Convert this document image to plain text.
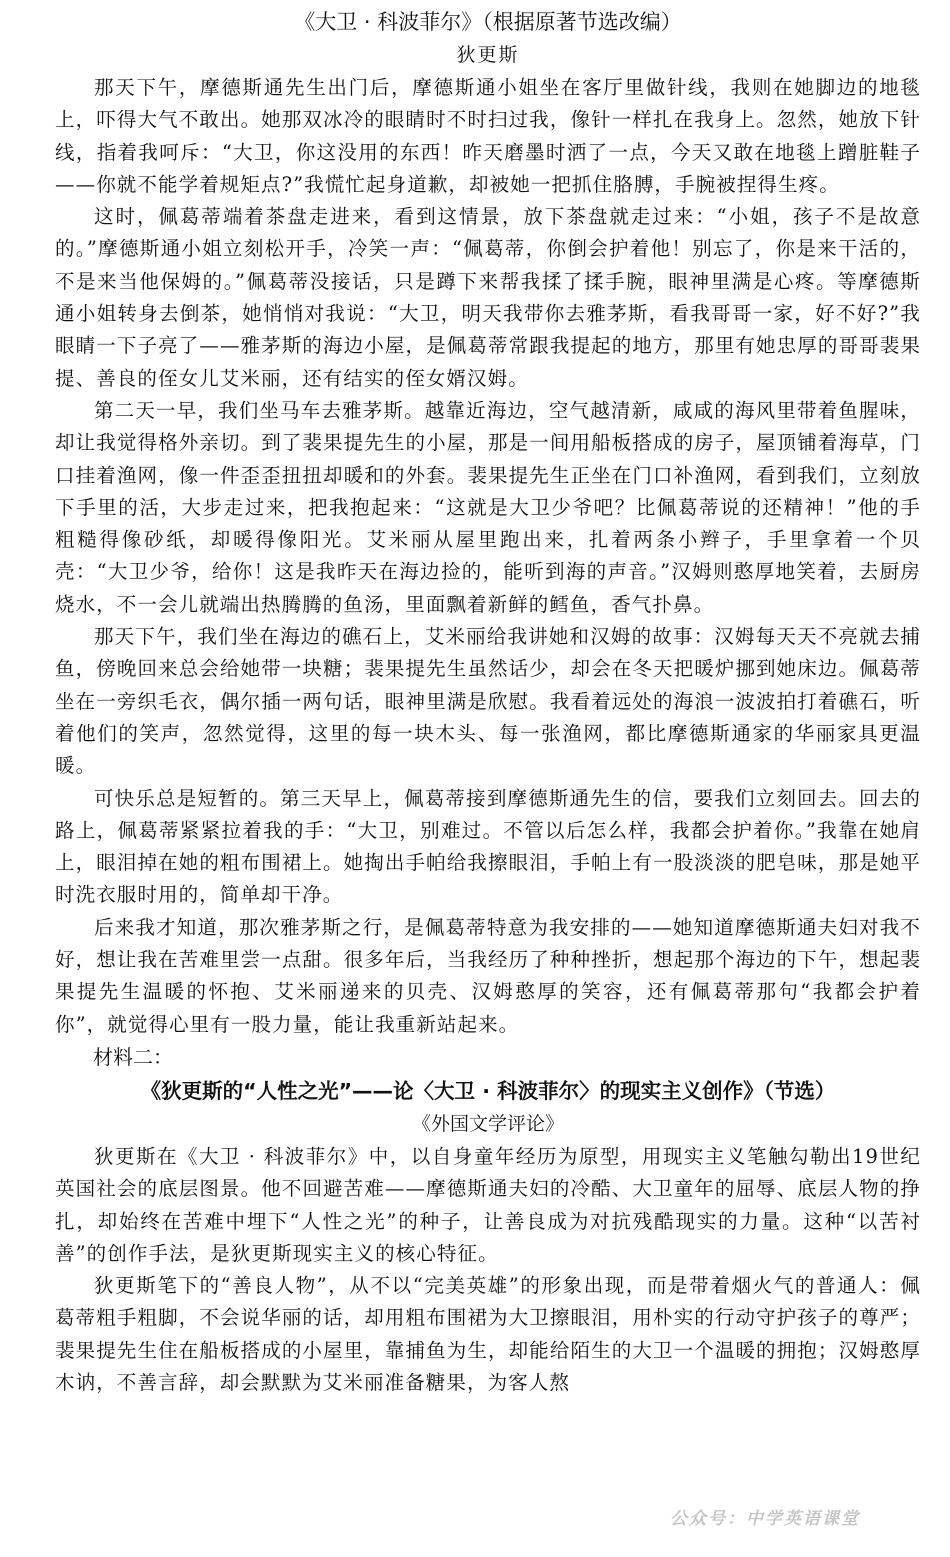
《大卫 · 科波菲尔》（根据原著节选改编）

狄更斯

那天下午，摩德斯通先生出门后，摩德斯通小姐坐在客厅里做针线，我则在她脚边的地毯上，吓得大气不敢出。她那双冰冷的眼睛时不时扫过我，像针一样扎在我身上。忽然，她放下针线，指着我呵斥：“大卫，你这没用的东西！昨天磨墨时洒了一点，今天又敢在地毯上蹭脏鞋子——你就不能学着规矩点?”我慌忙起身道歉，却被她一把抓住胳膊，手腕被捏得生疼。

这时，佩葛蒂端着茶盘走进来，看到这情景，放下茶盘就走过来：“小姐，孩子不是故意的。”摩德斯通小姐立刻松开手，冷笑一声：“佩葛蒂，你倒会护着他！别忘了，你是来干活的，不是来当他保姆的。”佩葛蒂没接话，只是蹲下来帮我揉了揉手腕，眼神里满是心疼。等摩德斯通小姐转身去倒茶，她悄悄对我说：“大卫，明天我带你去雅茅斯，看我哥哥一家，好不好?”我眼睛一下子亮了——雅茅斯的海边小屋，是佩葛蒂常跟我提起的地方，那里有她忠厚的哥哥裴果提、善良的侄女儿艾米丽，还有结实的侄女婿汉姆。

第二天一早，我们坐马车去雅茅斯。越靠近海边，空气越清新，咸咸的海风里带着鱼腥味，却让我觉得格外亲切。到了裴果提先生的小屋，那是一间用船板搭成的房子，屋顶铺着海草，门口挂着渔网，像一件歪歪扭扭却暖和的外套。裴果提先生正坐在门口补渔网，看到我们，立刻放下手里的活，大步走过来，把我抱起来：“这就是大卫少爷吧？比佩葛蒂说的还精神！”他的手粗糙得像砂纸，却暖得像阳光。艾米丽从屋里跑出来，扎着两条小辫子，手里拿着一个贝壳：“大卫少爷，给你！这是我昨天在海边捡的，能听到海的声音。”汉姆则憨厚地笑着，去厨房烧水，不一会儿就端出热腾腾的鱼汤，里面飘着新鲜的鳕鱼，香气扑鼻。

那天下午，我们坐在海边的礁石上，艾米丽给我讲她和汉姆的故事：汉姆每天天不亮就去捕鱼，傍晚回来总会给她带一块糖；裴果提先生虽然话少，却会在冬天把暖炉挪到她床边。佩葛蒂坐在一旁织毛衣，偶尔插一两句话，眼神里满是欣慰。我看着远处的海浪一波波拍打着礁石，听着他们的笑声，忽然觉得，这里的每一块木头、每一张渔网，都比摩德斯通家的华丽家具更温暖。

可快乐总是短暂的。第三天早上，佩葛蒂接到摩德斯通先生的信，要我们立刻回去。回去的路上，佩葛蒂紧紧拉着我的手：“大卫，别难过。不管以后怎么样，我都会护着你。”我靠在她肩上，眼泪掉在她的粗布围裙上。她掏出手帕给我擦眼泪，手帕上有一股淡淡的肥皂味，那是她平时洗衣服时用的，简单却干净。

后来我才知道，那次雅茅斯之行，是佩葛蒂特意为我安排的——她知道摩德斯通夫妇对我不好，想让我在苦难里尝一点甜。很多年后，当我经历了种种挫折，想起那个海边的下午，想起裴果提先生温暖的怀抱、艾米丽递来的贝壳、汉姆憨厚的笑容，还有佩葛蒂那句“我都会护着你”，就觉得心里有一股力量，能让我重新站起来。

材料二：

《狄更斯的“人性之光”——论〈大卫 · 科波菲尔〉的现实主义创作》（节选）

《外国文学评论》

狄更斯在《大卫 · 科波菲尔》中，以自身童年经历为原型，用现实主义笔触勾勒出19世纪英国社会的底层图景。他不回避苦难——摩德斯通夫妇的冷酷、大卫童年的屈辱、底层人物的挣扎，却始终在苦难中埋下“人性之光”的种子，让善良成为对抗残酷现实的力量。这种“以苦衬善”的创作手法，是狄更斯现实主义的核心特征。

狄更斯笔下的“善良人物”，从不以“完美英雄”的形象出现，而是带着烟火气的普通人：佩葛蒂粗手粗脚，不会说华丽的话，却用粗布围裙为大卫擦眼泪，用朴实的行动守护孩子的尊严；裴果提先生住在船板搭成的小屋里，靠捕鱼为生，却能给陌生的大卫一个温暖的拥抱；汉姆憨厚木讷，不善言辞，却会默默为艾米丽准备糖果，为客人熬

公众号：中学英语课堂
